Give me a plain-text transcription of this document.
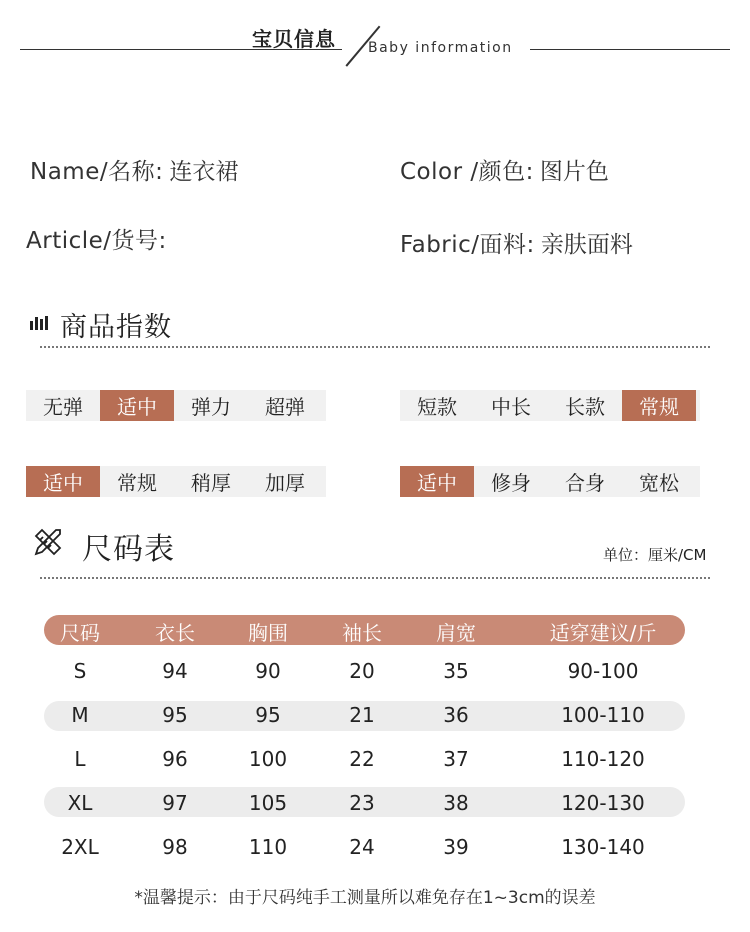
宝贝信息 Baby information
Name/名称: 连衣裙	Color /颜色: 图片色
Article/货号:	Fabric/面料: 亲肤面料
商品指数
无弹	适中	弹力	超弹	短款	中长	长款	常规
适中	常规	稍厚	加厚	适中	修身	合身	宽松
尺码表	单位：厘米/CM
尺码	衣长	胸围	袖长	肩宽	适穿建议/斤
S	94	90	20	35	90-100
M	95	95	21	36	100-110
L	96	100	22	37	110-120
XL	97	105	23	38	120-130
2XL	98	110	24	39	130-140
*温馨提示：由于尺码纯手工测量所以难免存在1~3cm的误差
